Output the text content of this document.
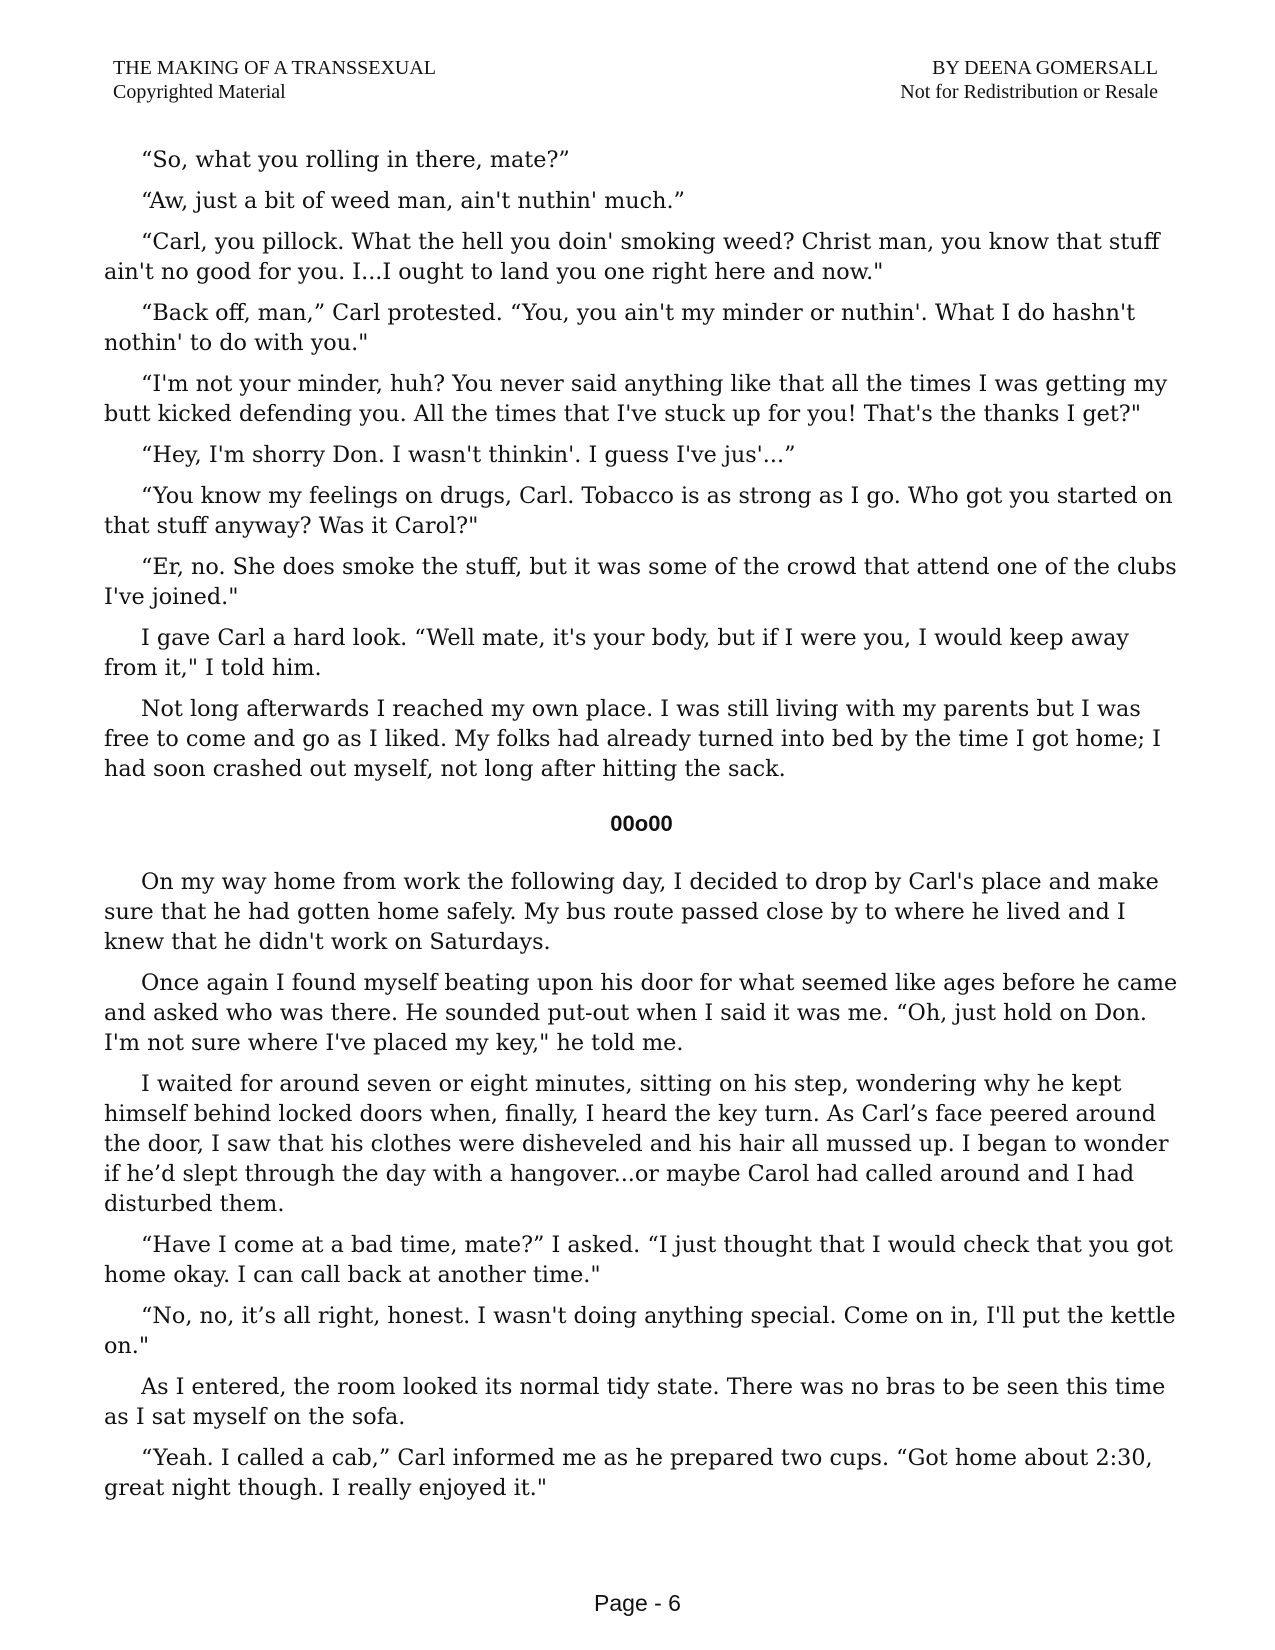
THE MAKING OF A TRANSSEXUAL
Copyrighted Material
BY DEENA GOMERSALL
Not for Redistribution or Resale

“So, what you rolling in there, mate?”

“Aw, just a bit of weed man, ain't nuthin' much.”

“Carl, you pillock. What the hell you doin' smoking weed? Christ man, you know that stuff ain't no good for you. I...I ought to land you one right here and now."

“Back off, man,” Carl protested. “You, you ain't my minder or nuthin'. What I do hashn't nothin' to do with you."

“I'm not your minder, huh? You never said anything like that all the times I was getting my butt kicked defending you. All the times that I've stuck up for you! That's the thanks I get?"

“Hey, I'm shorry Don. I wasn't thinkin'. I guess I've jus'...”

“You know my feelings on drugs, Carl. Tobacco is as strong as I go. Who got you started on that stuff anyway? Was it Carol?"

“Er, no. She does smoke the stuff, but it was some of the crowd that attend one of the clubs I've joined."

I gave Carl a hard look. “Well mate, it's your body, but if I were you, I would keep away from it," I told him.

Not long afterwards I reached my own place. I was still living with my parents but I was free to come and go as I liked. My folks had already turned into bed by the time I got home; I had soon crashed out myself, not long after hitting the sack.

00o00

On my way home from work the following day, I decided to drop by Carl's place and make sure that he had gotten home safely. My bus route passed close by to where he lived and I knew that he didn't work on Saturdays.

Once again I found myself beating upon his door for what seemed like ages before he came and asked who was there. He sounded put-out when I said it was me. “Oh, just hold on Don. I'm not sure where I've placed my key," he told me.

I waited for around seven or eight minutes, sitting on his step, wondering why he kept himself behind locked doors when, finally, I heard the key turn. As Carl’s face peered around the door, I saw that his clothes were disheveled and his hair all mussed up. I began to wonder if he’d slept through the day with a hangover...or maybe Carol had called around and I had disturbed them.

“Have I come at a bad time, mate?” I asked. “I just thought that I would check that you got home okay. I can call back at another time."

“No, no, it’s all right, honest. I wasn't doing anything special. Come on in, I'll put the kettle on."

As I entered, the room looked its normal tidy state. There was no bras to be seen this time as I sat myself on the sofa.

“Yeah. I called a cab,” Carl informed me as he prepared two cups. “Got home about 2:30, great night though. I really enjoyed it."

Page - 6
